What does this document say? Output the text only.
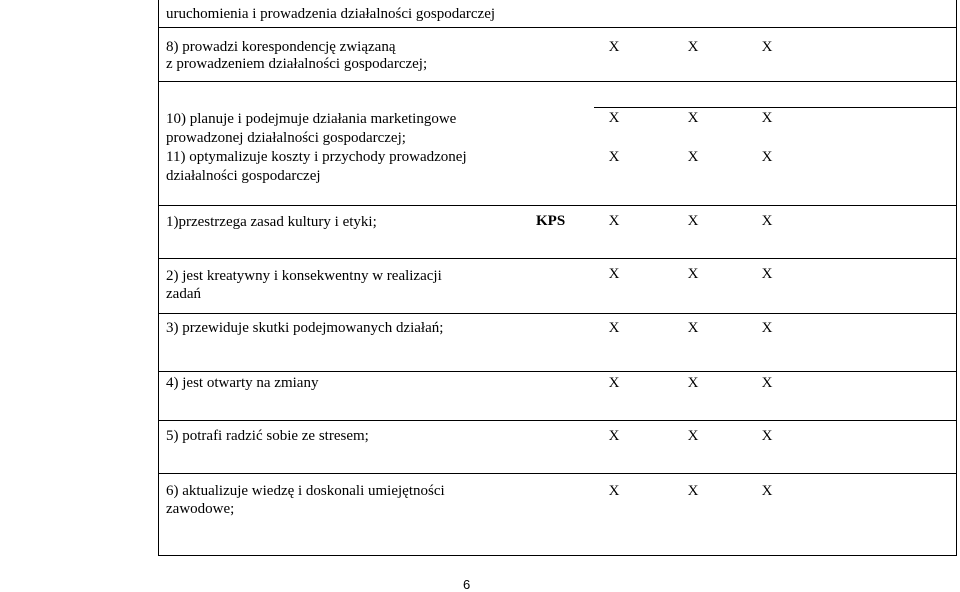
uruchomienia i prowadzenia działalności gospodarczej
8) prowadzi korespondencję związaną
z prowadzeniem działalności gospodarczej;
X	X	X
10) planuje i podejmuje działania marketingowe
prowadzonej działalności gospodarczej;
11) optymalizuje koszty i przychody prowadzonej
działalności gospodarczej
X	X	X
X	X	X
1)przestrzega zasad kultury i etyki;	KPS	X	X	X
2) jest kreatywny i konsekwentny w realizacji
zadań
X	X	X
3) przewiduje skutki podejmowanych działań;	X	X	X
4) jest otwarty na zmiany	X	X	X
5) potrafi radzić sobie ze stresem;	X	X	X
6) aktualizuje wiedzę i doskonali umiejętności
zawodowe;
X	X	X
6
